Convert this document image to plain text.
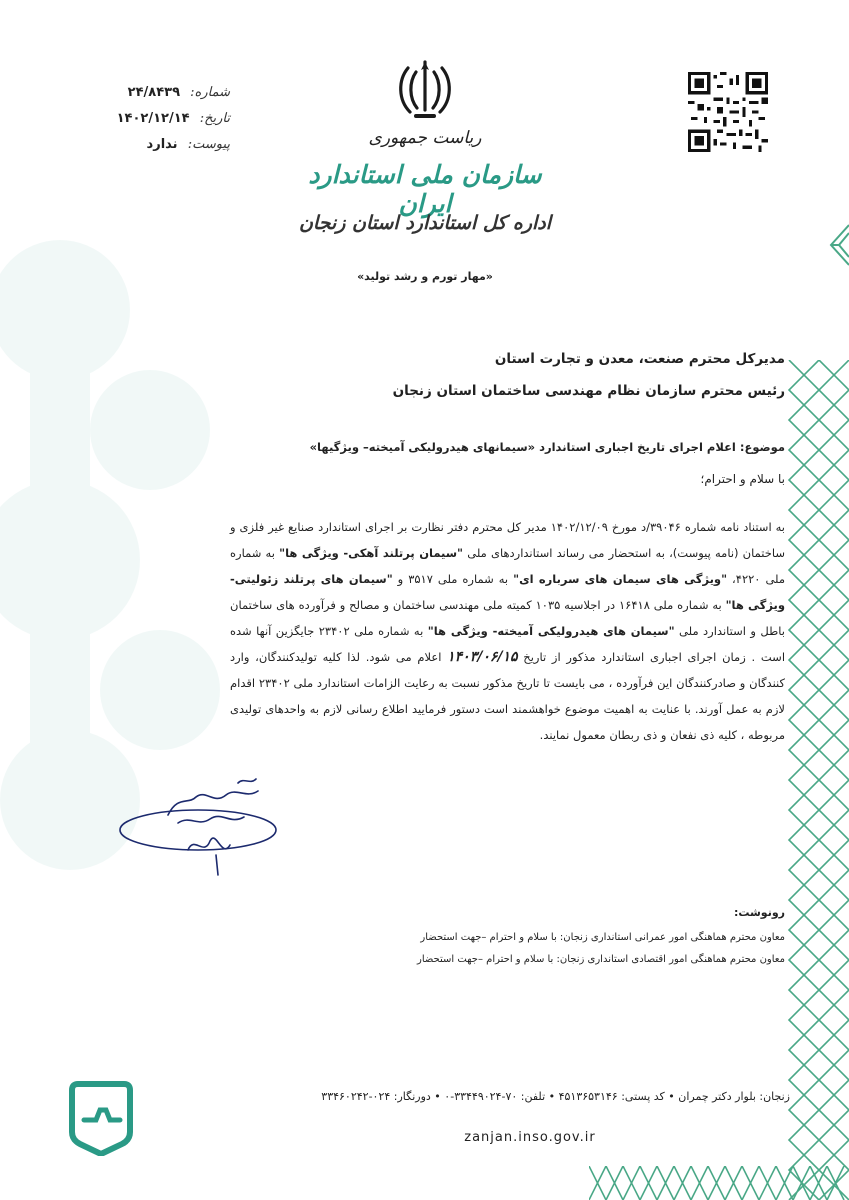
شماره: ۲۴/۸۴۳۹
تاریخ: ۱۴۰۲/۱۲/۱۴
پیوست: ندارد	ریاست جمهوری
سازمان ملی استاندارد ایران
اداره کل استاندارد استان زنجان
«مهار تورم و رشد تولید»
مدیرکل محترم صنعت، معدن و تجارت استان
رئیس محترم سازمان نظام مهندسی ساختمان استان زنجان
موضوع: اعلام اجرای تاریخ اجباری استاندارد «سیمانهای هیدرولیکی آمیخته– ویژگیها»
با سلام و احترام؛
به استناد نامه شماره ۳۹۰۴۶/د مورخ ۱۴۰۲/۱۲/۰۹ مدیر کل محترم دفتر نظارت بر اجرای استاندارد صنایع غیر فلزی و ساختمان (نامه پیوست)، به استحضار می رساند استانداردهای ملی "سیمان پرتلند آهکی- ویژگی ها" به شماره ملی ۴۲۲۰، "ویژگی های سیمان های سرباره ای" به شماره ملی ۳۵۱۷ و "سیمان های پرتلند زئولیتی- ویژگی ها" به شماره ملی ۱۶۴۱۸ در اجلاسیه ۱۰۳۵ کمیته ملی مهندسی ساختمان و مصالح و فرآورده های ساختمان باطل و استاندارد ملی "سیمان های هیدرولیکی آمیخته- ویژگی ها" به شماره ملی ۲۳۴۰۲ جایگزین آنها شده است . زمان اجرای اجباری استاندارد مذکور از تاریخ ۱۴۰۳/۰۶/۱۵ اعلام می شود. لذا کلیه تولیدکنندگان، وارد کنندگان و صادرکنندگان این فرآورده ، می بایست تا تاریخ مذکور نسبت به رعایت الزامات استاندارد ملی ۲۳۴۰۲ اقدام لازم به عمل آورند. با عنایت به اهمیت موضوع خواهشمند است دستور فرمایید اطلاع رسانی لازم به واحدهای تولیدی مربوطه ، کلیه ذی نفعان و ذی ربطان معمول نمایند.
رونوشت:
معاون محترم هماهنگی امور عمرانی استانداری زنجان: با سلام و احترام –جهت استحضار
معاون محترم هماهنگی امور اقتصادی استانداری زنجان: با سلام و احترام –جهت استحضار
زنجان: بلوار دکتر چمران • کد پستی: ۴۵۱۳۶۵۳۱۴۶ • تلفن: ۷۰-۳۳۴۴۹۰۲۴-۰ • دورنگار: ۰۲۴-۳۳۴۶۰۲۴۲
zanjan.inso.gov.ir
